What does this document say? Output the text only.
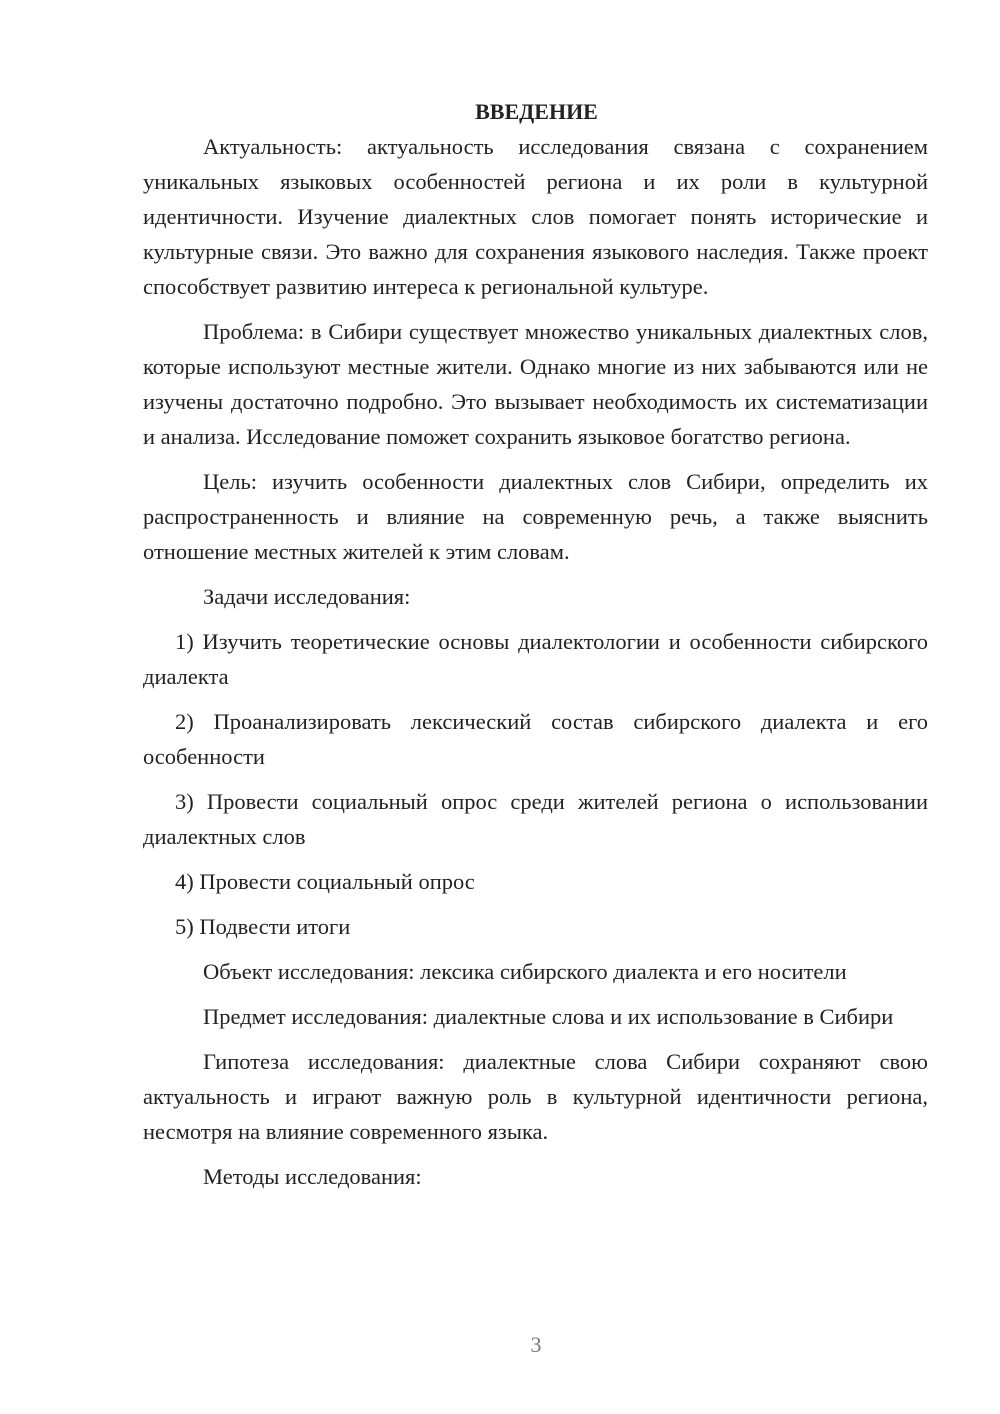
ВВЕДЕНИЕ

Актуальность: актуальность исследования связана с сохранением уникальных языковых особенностей региона и их роли в культурной идентичности. Изучение диалектных слов помогает понять исторические и культурные связи. Это важно для сохранения языкового наследия. Также проект способствует развитию интереса к региональной культуре.

Проблема: в Сибири существует множество уникальных диалектных слов, которые используют местные жители. Однако многие из них забываются или не изучены достаточно подробно. Это вызывает необходимость их систематизации и анализа. Исследование поможет сохранить языковое богатство региона.

Цель: изучить особенности диалектных слов Сибири, определить их распространенность и влияние на современную речь, а также выяснить отношение местных жителей к этим словам.

Задачи исследования:

1) Изучить теоретические основы диалектологии и особенности сибирского диалекта

2) Проанализировать лексический состав сибирского диалекта и его особенности

3) Провести социальный опрос среди жителей региона о использовании диалектных слов

4) Провести социальный опрос

5) Подвести итоги

Объект исследования: лексика сибирского диалекта и его носители

Предмет исследования: диалектные слова и их использование в Сибири

Гипотеза исследования: диалектные слова Сибири сохраняют свою актуальность и играют важную роль в культурной идентичности региона, несмотря на влияние современного языка.

Методы исследования:

3
